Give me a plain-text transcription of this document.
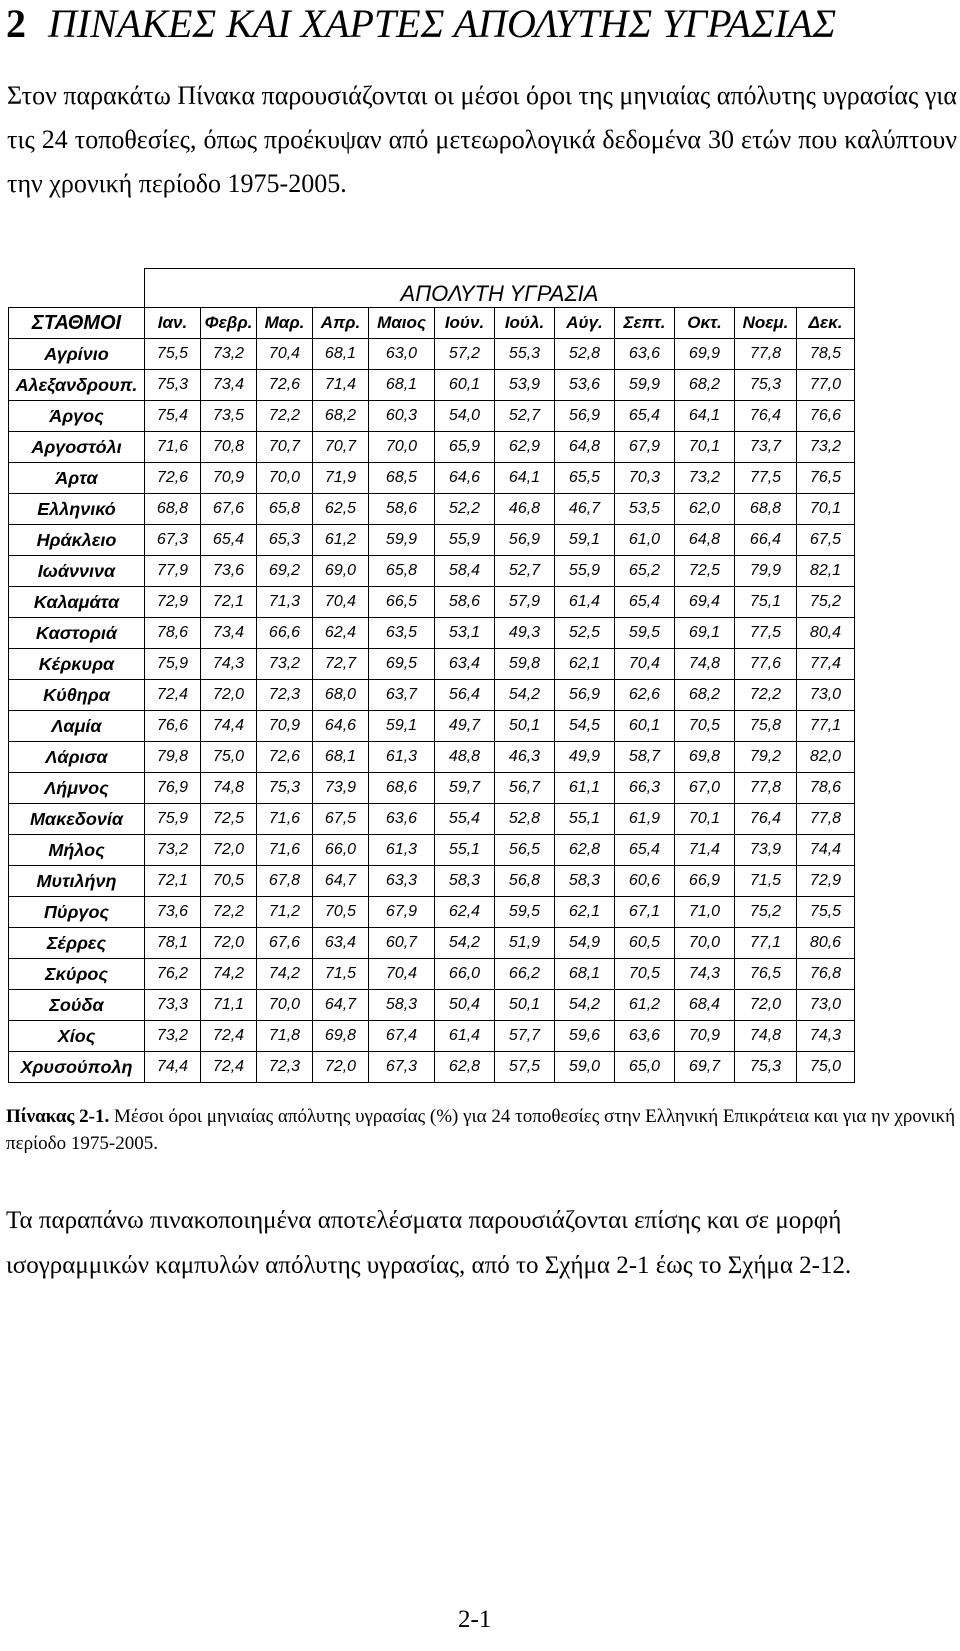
2 ΠΙΝΑΚΕΣ ΚΑΙ ΧΑΡΤΕΣ ΑΠΟΛΥΤΗΣ ΥΓΡΑΣΙΑΣ

Στον παρακάτω Πίνακα παρουσιάζονται οι μέσοι όροι της μηνιαίας απόλυτης υγρασίας για τις 24 τοποθεσίες, όπως προέκυψαν από μετεωρολογικά δεδομένα 30 ετών που καλύπτουν την χρονική περίοδο 1975-2005.

	ΑΠΟΛΥΤΗ ΥΓΡΑΣΙΑ											
ΣΤΑΘΜΟΙ	Ιαν.	Φεβρ.	Μαρ.	Απρ.	Μαιος	Ιούν.	Ιούλ.	Αύγ.	Σεπτ.	Οκτ.	Νοεμ.	Δεκ.
Αγρίνιο	75,5	73,2	70,4	68,1	63,0	57,2	55,3	52,8	63,6	69,9	77,8	78,5
Αλεξανδρουπ.	75,3	73,4	72,6	71,4	68,1	60,1	53,9	53,6	59,9	68,2	75,3	77,0
Άργος	75,4	73,5	72,2	68,2	60,3	54,0	52,7	56,9	65,4	64,1	76,4	76,6
Αργοστόλι	71,6	70,8	70,7	70,7	70,0	65,9	62,9	64,8	67,9	70,1	73,7	73,2
Άρτα	72,6	70,9	70,0	71,9	68,5	64,6	64,1	65,5	70,3	73,2	77,5	76,5
Ελληνικό	68,8	67,6	65,8	62,5	58,6	52,2	46,8	46,7	53,5	62,0	68,8	70,1
Ηράκλειο	67,3	65,4	65,3	61,2	59,9	55,9	56,9	59,1	61,0	64,8	66,4	67,5
Ιωάννινα	77,9	73,6	69,2	69,0	65,8	58,4	52,7	55,9	65,2	72,5	79,9	82,1
Καλαμάτα	72,9	72,1	71,3	70,4	66,5	58,6	57,9	61,4	65,4	69,4	75,1	75,2
Καστοριά	78,6	73,4	66,6	62,4	63,5	53,1	49,3	52,5	59,5	69,1	77,5	80,4
Κέρκυρα	75,9	74,3	73,2	72,7	69,5	63,4	59,8	62,1	70,4	74,8	77,6	77,4
Κύθηρα	72,4	72,0	72,3	68,0	63,7	56,4	54,2	56,9	62,6	68,2	72,2	73,0
Λαμία	76,6	74,4	70,9	64,6	59,1	49,7	50,1	54,5	60,1	70,5	75,8	77,1
Λάρισα	79,8	75,0	72,6	68,1	61,3	48,8	46,3	49,9	58,7	69,8	79,2	82,0
Λήμνος	76,9	74,8	75,3	73,9	68,6	59,7	56,7	61,1	66,3	67,0	77,8	78,6
Μακεδονία	75,9	72,5	71,6	67,5	63,6	55,4	52,8	55,1	61,9	70,1	76,4	77,8
Μήλος	73,2	72,0	71,6	66,0	61,3	55,1	56,5	62,8	65,4	71,4	73,9	74,4
Μυτιλήνη	72,1	70,5	67,8	64,7	63,3	58,3	56,8	58,3	60,6	66,9	71,5	72,9
Πύργος	73,6	72,2	71,2	70,5	67,9	62,4	59,5	62,1	67,1	71,0	75,2	75,5
Σέρρες	78,1	72,0	67,6	63,4	60,7	54,2	51,9	54,9	60,5	70,0	77,1	80,6
Σκύρος	76,2	74,2	74,2	71,5	70,4	66,0	66,2	68,1	70,5	74,3	76,5	76,8
Σούδα	73,3	71,1	70,0	64,7	58,3	50,4	50,1	54,2	61,2	68,4	72,0	73,0
Χίος	73,2	72,4	71,8	69,8	67,4	61,4	57,7	59,6	63,6	70,9	74,8	74,3
Χρυσούπολη	74,4	72,4	72,3	72,0	67,3	62,8	57,5	59,0	65,0	69,7	75,3	75,0

Πίνακας 2-1. Μέσοι όροι μηνιαίας απόλυτης υγρασίας (%) για 24 τοποθεσίες στην Ελληνική Επικράτεια και για ην χρονική περίοδο 1975-2005.

Τα παραπάνω πινακοποιημένα αποτελέσματα παρουσιάζονται επίσης και σε μορφή ισογραμμικών καμπυλών απόλυτης υγρασίας, από το Σχήμα 2-1 έως το Σχήμα 2-12.

2-1
